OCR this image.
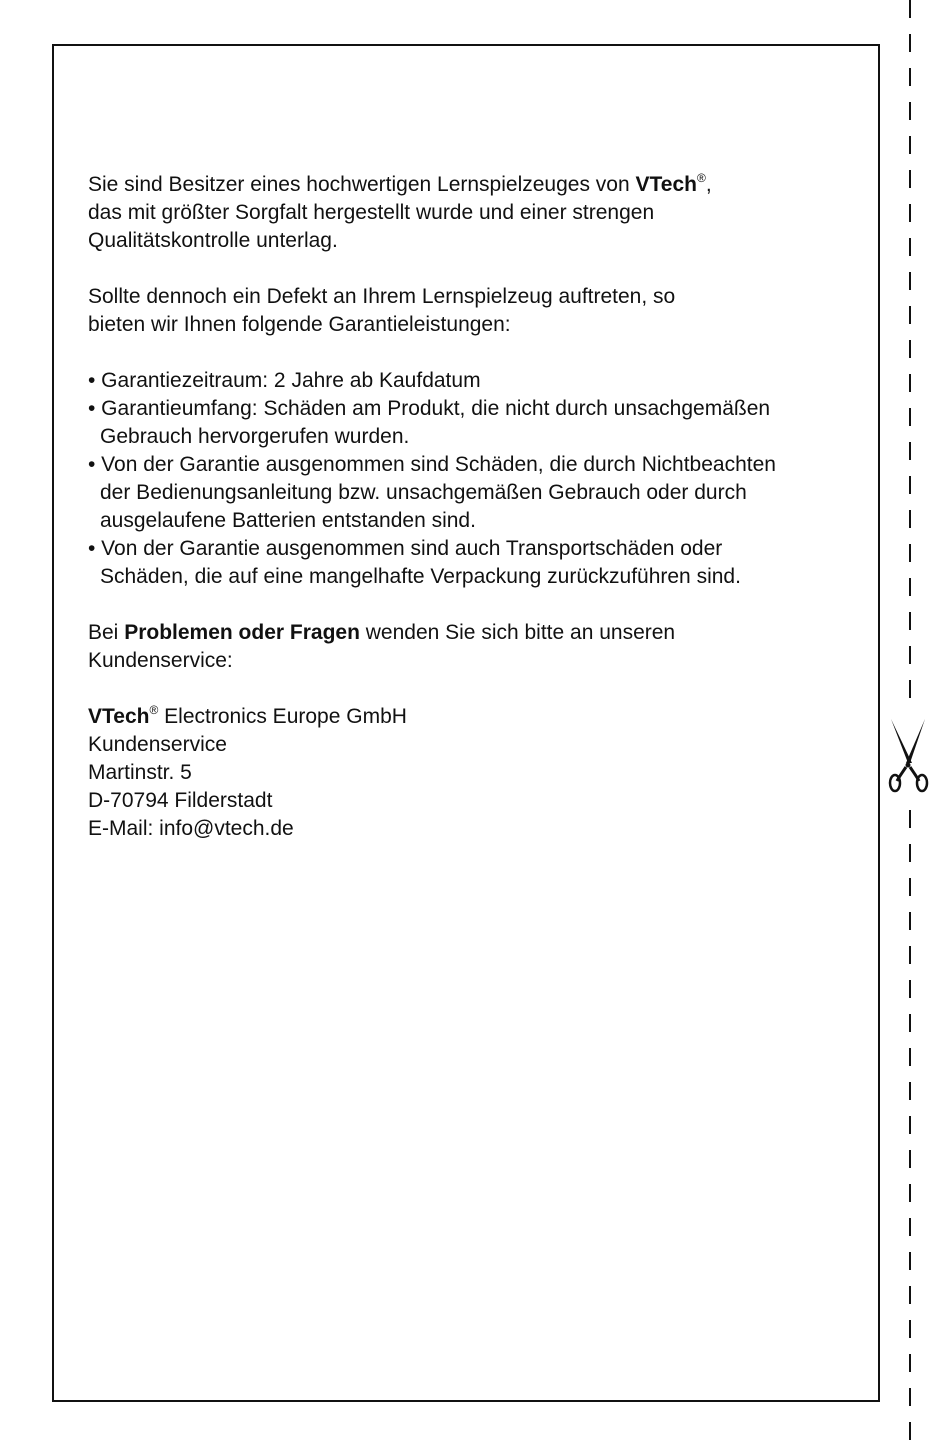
Sie sind Besitzer eines hochwertigen Lernspielzeuges von VTech®,
das mit größter Sorgfalt hergestellt wurde und einer strengen
Qualitätskontrolle unterlag.

Sollte dennoch ein Defekt an Ihrem Lernspielzeug auftreten, so
bieten wir Ihnen folgende Garantieleistungen:

• Garantiezeitraum: 2 Jahre ab Kaufdatum
• Garantieumfang: Schäden am Produkt, die nicht durch unsachgemäßen
Gebrauch hervorgerufen wurden.
• Von der Garantie ausgenommen sind Schäden, die durch Nichtbeachten
der Bedienungsanleitung bzw. unsachgemäßen Gebrauch oder durch
ausgelaufene Batterien entstanden sind.
• Von der Garantie ausgenommen sind auch Transportschäden oder
Schäden, die auf eine mangelhafte Verpackung zurückzuführen sind.

Bei Problemen oder Fragen wenden Sie sich bitte an unseren
Kundenservice:

VTech® Electronics Europe GmbH
Kundenservice
Martinstr. 5
D-70794 Filderstadt
E-Mail: info@vtech.de
